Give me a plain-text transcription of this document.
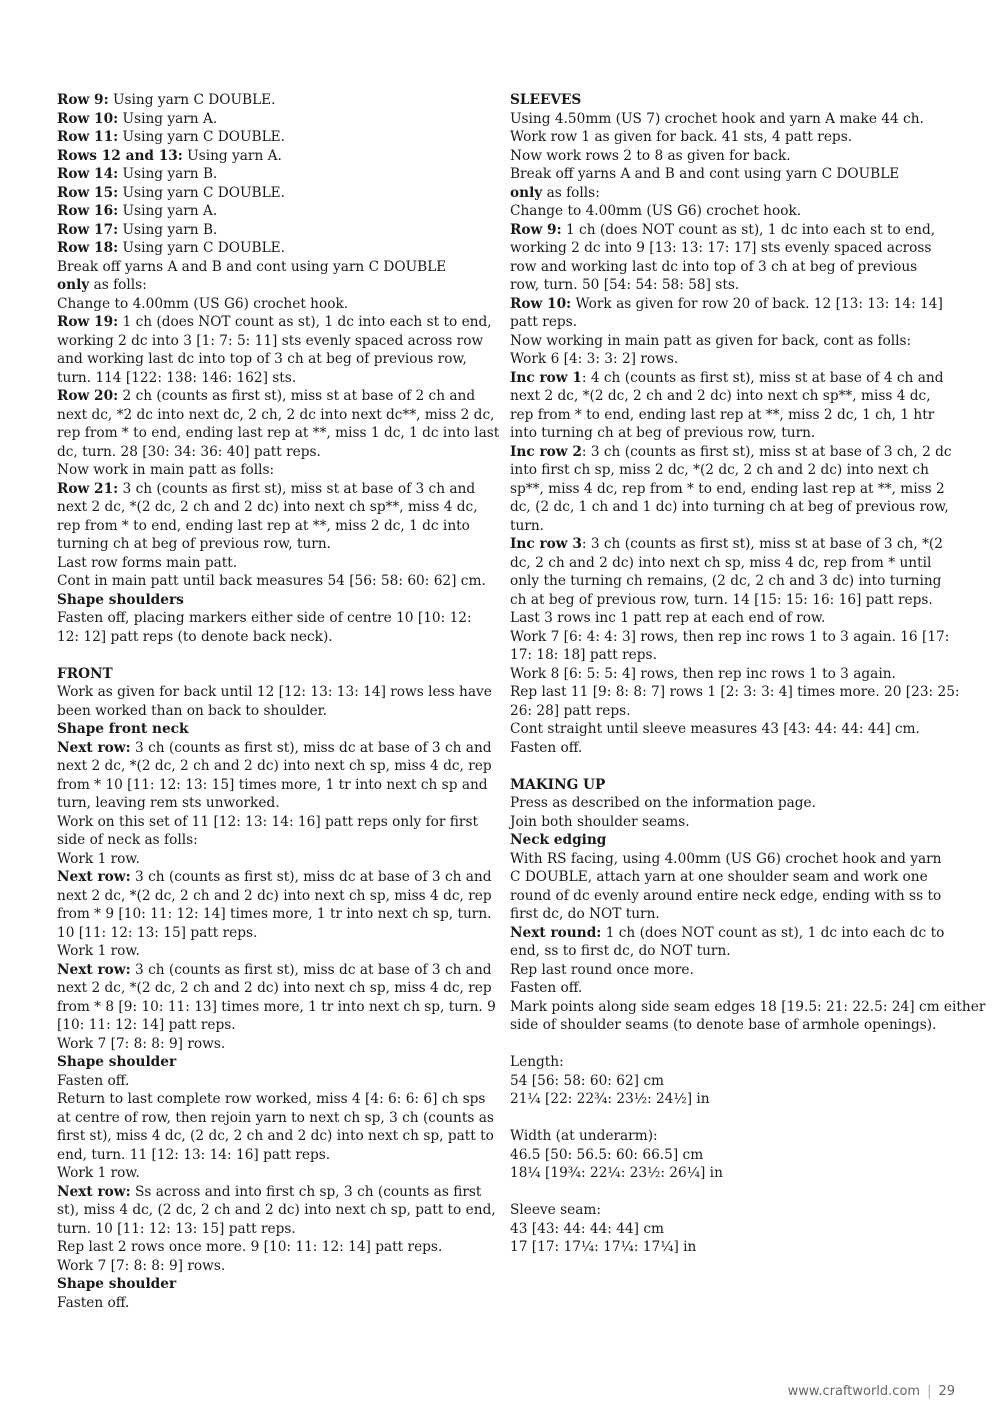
Row 9: Using yarn C DOUBLE.
Row 10: Using yarn A.
Row 11: Using yarn C DOUBLE.
Rows 12 and 13: Using yarn A.
Row 14: Using yarn B.
Row 15: Using yarn C DOUBLE.
Row 16: Using yarn A.
Row 17: Using yarn B.
Row 18: Using yarn C DOUBLE.
Break off yarns A and B and cont using yarn C DOUBLE
only as folls:
Change to 4.00mm (US G6) crochet hook.
Row 19: 1 ch (does NOT count as st), 1 dc into each st to end,
working 2 dc into 3 [1: 7: 5: 11] sts evenly spaced across row
and working last dc into top of 3 ch at beg of previous row,
turn. 114 [122: 138: 146: 162] sts.
Row 20: 2 ch (counts as first st), miss st at base of 2 ch and
next dc, *2 dc into next dc, 2 ch, 2 dc into next dc**, miss 2 dc,
rep from * to end, ending last rep at **, miss 1 dc, 1 dc into last
dc, turn. 28 [30: 34: 36: 40] patt reps.
Now work in main patt as folls:
Row 21: 3 ch (counts as first st), miss st at base of 3 ch and
next 2 dc, *(2 dc, 2 ch and 2 dc) into next ch sp**, miss 4 dc,
rep from * to end, ending last rep at **, miss 2 dc, 1 dc into
turning ch at beg of previous row, turn.
Last row forms main patt.
Cont in main patt until back measures 54 [56: 58: 60: 62] cm.
Shape shoulders
Fasten off, placing markers either side of centre 10 [10: 12:
12: 12] patt reps (to denote back neck).
FRONT
Work as given for back until 12 [12: 13: 13: 14] rows less have
been worked than on back to shoulder.
Shape front neck
Next row: 3 ch (counts as first st), miss dc at base of 3 ch and
next 2 dc, *(2 dc, 2 ch and 2 dc) into next ch sp, miss 4 dc, rep
from * 10 [11: 12: 13: 15] times more, 1 tr into next ch sp and
turn, leaving rem sts unworked.
Work on this set of 11 [12: 13: 14: 16] patt reps only for first
side of neck as folls:
Work 1 row.
Next row: 3 ch (counts as first st), miss dc at base of 3 ch and
next 2 dc, *(2 dc, 2 ch and 2 dc) into next ch sp, miss 4 dc, rep
from * 9 [10: 11: 12: 14] times more, 1 tr into next ch sp, turn.
10 [11: 12: 13: 15] patt reps.
Work 1 row.
Next row: 3 ch (counts as first st), miss dc at base of 3 ch and
next 2 dc, *(2 dc, 2 ch and 2 dc) into next ch sp, miss 4 dc, rep
from * 8 [9: 10: 11: 13] times more, 1 tr into next ch sp, turn. 9
[10: 11: 12: 14] patt reps.
Work 7 [7: 8: 8: 9] rows.
Shape shoulder
Fasten off.
Return to last complete row worked, miss 4 [4: 6: 6: 6] ch sps
at centre of row, then rejoin yarn to next ch sp, 3 ch (counts as
first st), miss 4 dc, (2 dc, 2 ch and 2 dc) into next ch sp, patt to
end, turn. 11 [12: 13: 14: 16] patt reps.
Work 1 row.
Next row: Ss across and into first ch sp, 3 ch (counts as first
st), miss 4 dc, (2 dc, 2 ch and 2 dc) into next ch sp, patt to end,
turn. 10 [11: 12: 13: 15] patt reps.
Rep last 2 rows once more. 9 [10: 11: 12: 14] patt reps.
Work 7 [7: 8: 8: 9] rows.
Shape shoulder
Fasten off.
SLEEVES
Using 4.50mm (US 7) crochet hook and yarn A make 44 ch.
Work row 1 as given for back. 41 sts, 4 patt reps.
Now work rows 2 to 8 as given for back.
Break off yarns A and B and cont using yarn C DOUBLE
only as folls:
Change to 4.00mm (US G6) crochet hook.
Row 9: 1 ch (does NOT count as st), 1 dc into each st to end,
working 2 dc into 9 [13: 13: 17: 17] sts evenly spaced across
row and working last dc into top of 3 ch at beg of previous
row, turn. 50 [54: 54: 58: 58] sts.
Row 10: Work as given for row 20 of back. 12 [13: 13: 14: 14]
patt reps.
Now working in main patt as given for back, cont as folls:
Work 6 [4: 3: 3: 2] rows.
Inc row 1: 4 ch (counts as first st), miss st at base of 4 ch and
next 2 dc, *(2 dc, 2 ch and 2 dc) into next ch sp**, miss 4 dc,
rep from * to end, ending last rep at **, miss 2 dc, 1 ch, 1 htr
into turning ch at beg of previous row, turn.
Inc row 2: 3 ch (counts as first st), miss st at base of 3 ch, 2 dc
into first ch sp, miss 2 dc, *(2 dc, 2 ch and 2 dc) into next ch
sp**, miss 4 dc, rep from * to end, ending last rep at **, miss 2
dc, (2 dc, 1 ch and 1 dc) into turning ch at beg of previous row,
turn.
Inc row 3: 3 ch (counts as first st), miss st at base of 3 ch, *(2
dc, 2 ch and 2 dc) into next ch sp, miss 4 dc, rep from * until
only the turning ch remains, (2 dc, 2 ch and 3 dc) into turning
ch at beg of previous row, turn. 14 [15: 15: 16: 16] patt reps.
Last 3 rows inc 1 patt rep at each end of row.
Work 7 [6: 4: 4: 3] rows, then rep inc rows 1 to 3 again. 16 [17:
17: 18: 18] patt reps.
Work 8 [6: 5: 5: 4] rows, then rep inc rows 1 to 3 again.
Rep last 11 [9: 8: 8: 7] rows 1 [2: 3: 3: 4] times more. 20 [23: 25:
26: 28] patt reps.
Cont straight until sleeve measures 43 [43: 44: 44: 44] cm.
Fasten off.
MAKING UP
Press as described on the information page.
Join both shoulder seams.
Neck edging
With RS facing, using 4.00mm (US G6) crochet hook and yarn
C DOUBLE, attach yarn at one shoulder seam and work one
round of dc evenly around entire neck edge, ending with ss to
first dc, do NOT turn.
Next round: 1 ch (does NOT count as st), 1 dc into each dc to
end, ss to first dc, do NOT turn.
Rep last round once more.
Fasten off.
Mark points along side seam edges 18 [19.5: 21: 22.5: 24] cm either
side of shoulder seams (to denote base of armhole openings).
Length:
54 [56: 58: 60: 62] cm
21¼ [22: 22¾: 23½: 24½] in
Width (at underarm):
46.5 [50: 56.5: 60: 66.5] cm
18¼ [19¾: 22¼: 23½: 26¼] in
Sleeve seam:
43 [43: 44: 44: 44] cm
17 [17: 17¼: 17¼: 17¼] in
www.craftworld.com | 29
